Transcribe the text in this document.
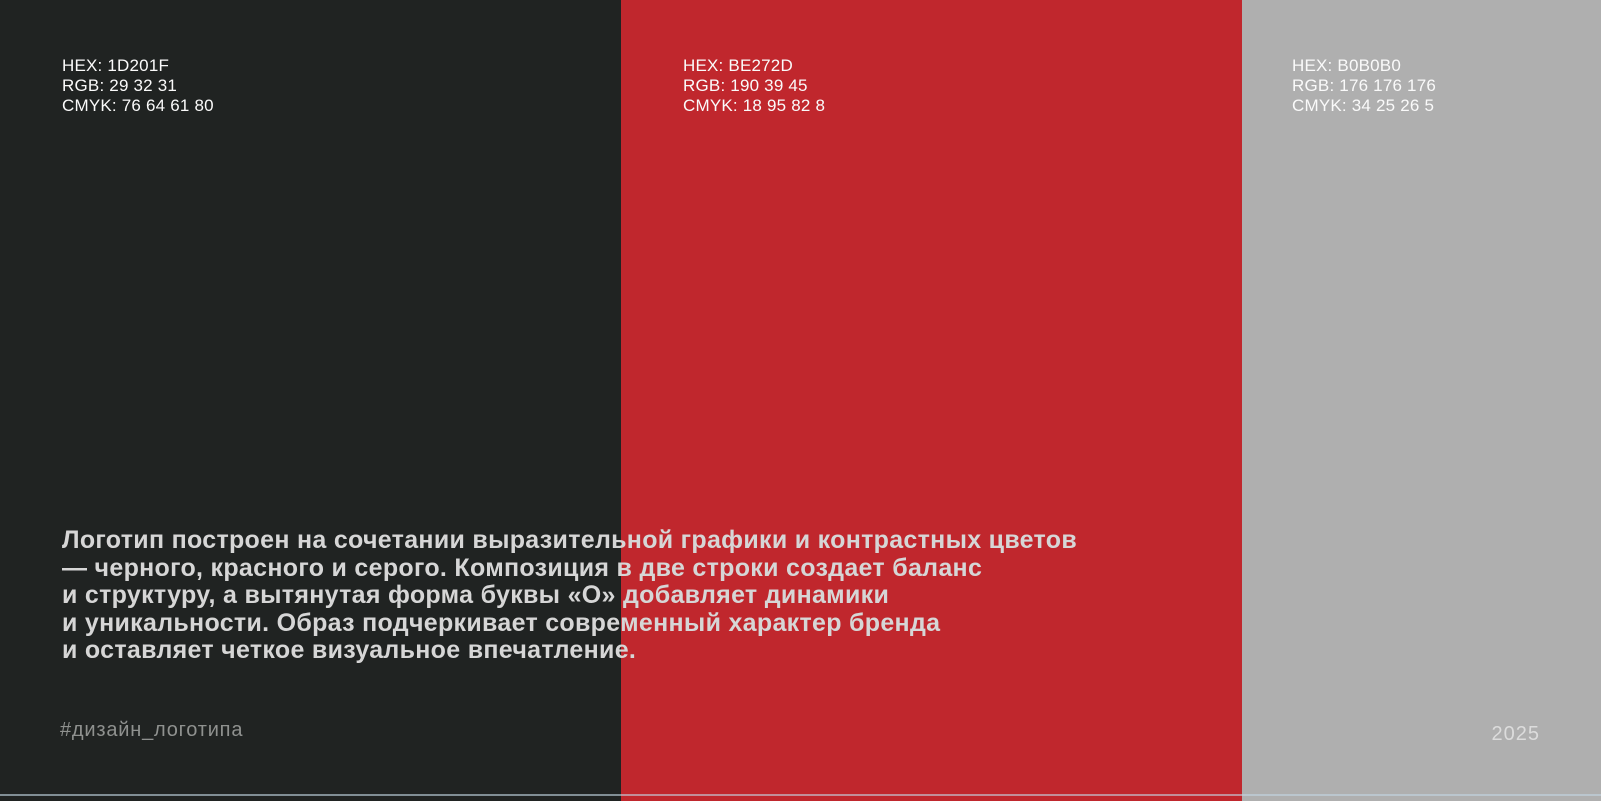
HEX: 1D201F
RGB: 29 32 31
CMYK: 76 64 61 80
HEX: BE272D
RGB: 190 39 45
CMYK: 18 95 82 8
HEX: B0B0B0
RGB: 176 176 176
CMYK: 34 25 26 5
Логотип построен на сочетании выразительной графики и контрастных цветов
— черного, красного и серого. Композиция в две строки создает баланс
и структуру, а вытянутая форма буквы «О» добавляет динамики
и уникальности. Образ подчеркивает современный характер бренда
и оставляет четкое визуальное впечатление.
#дизайн_логотипа	2025
